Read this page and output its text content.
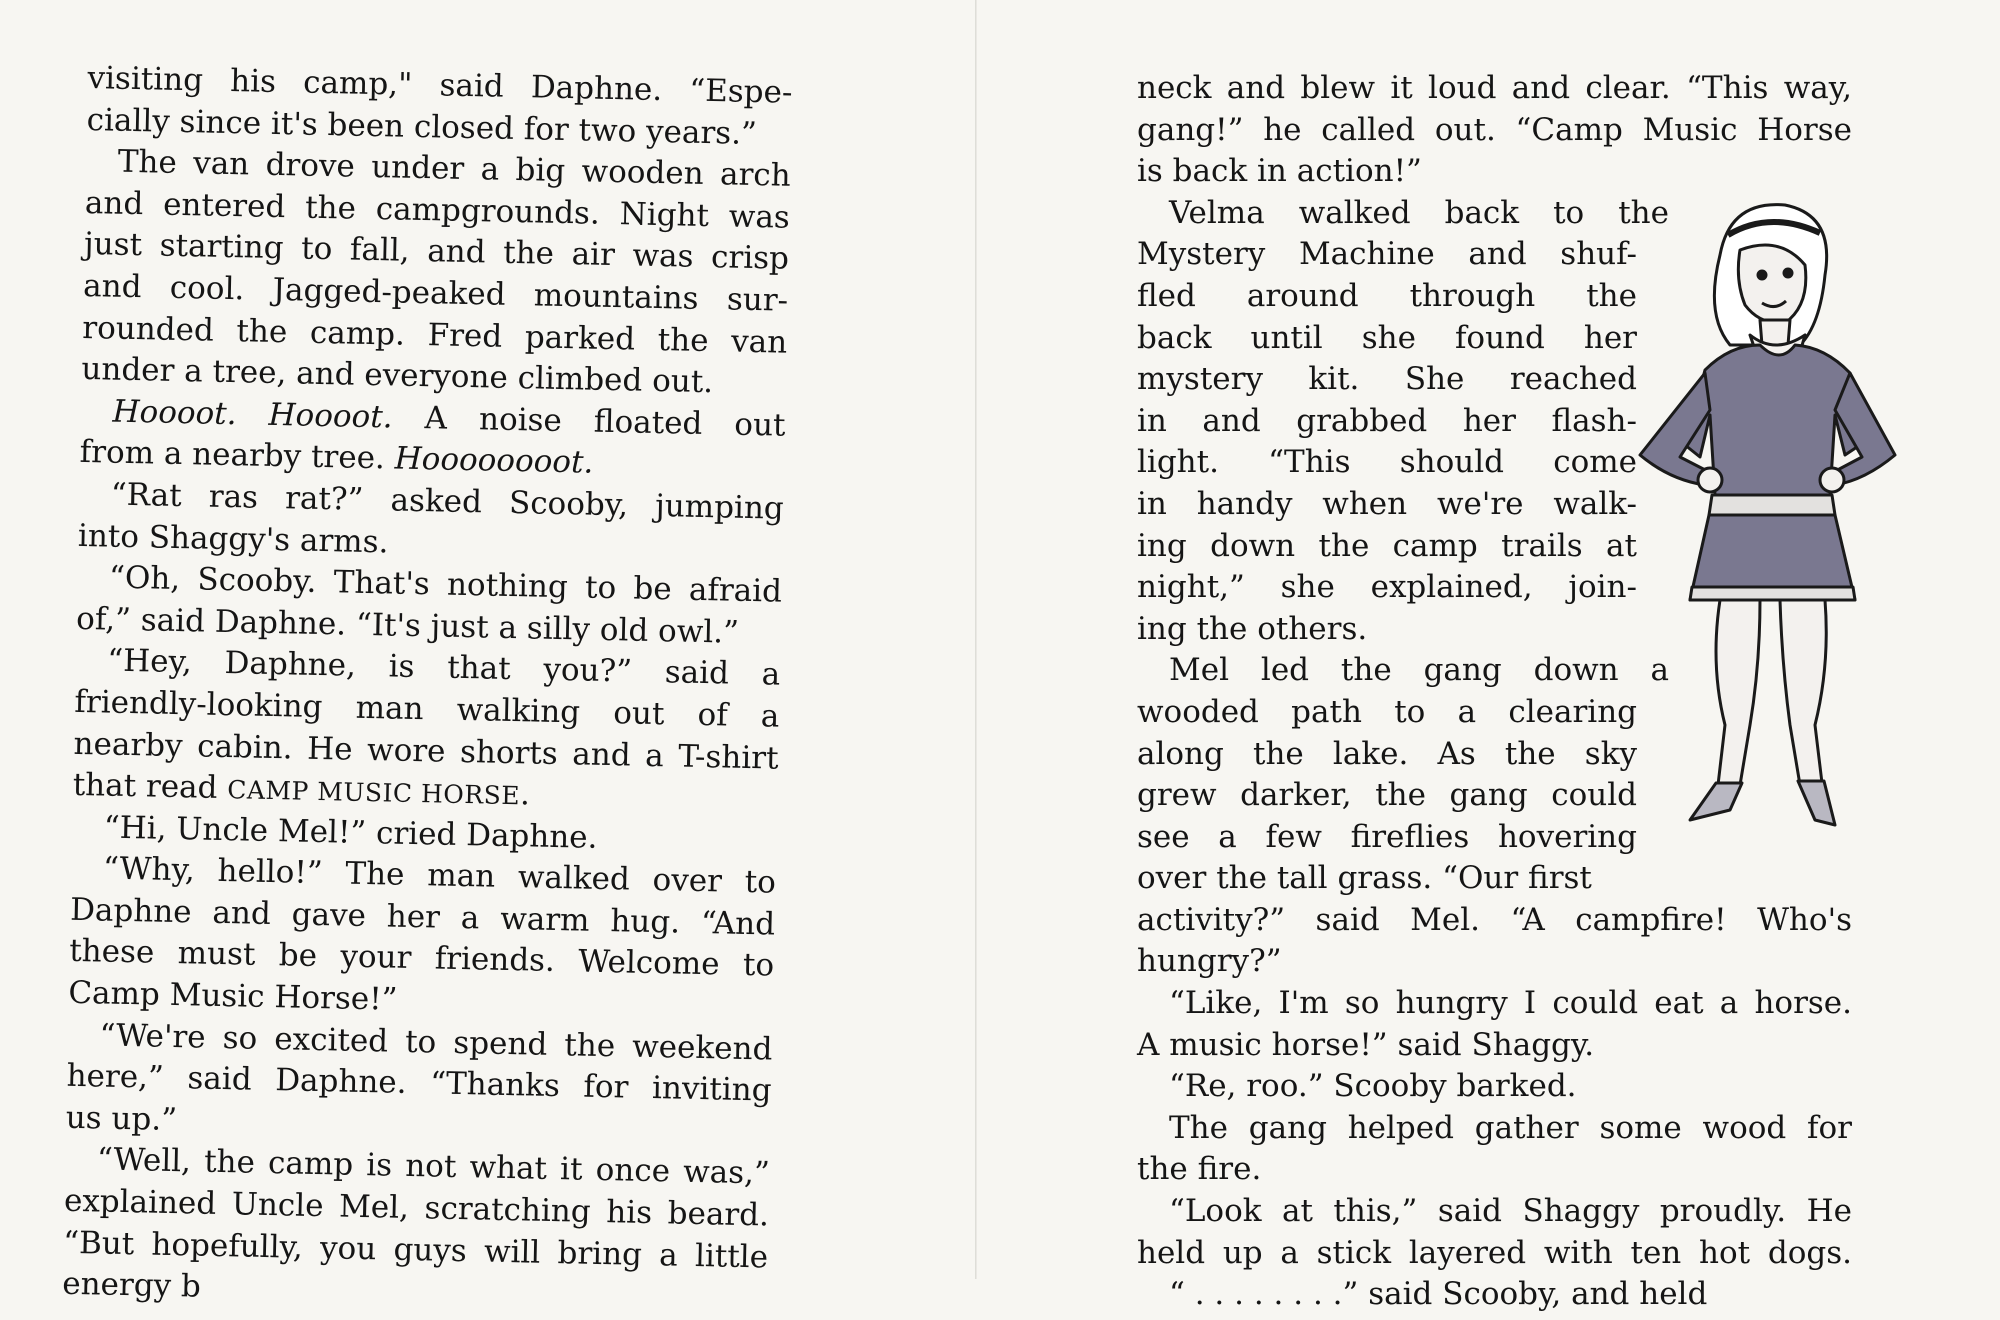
visiting his camp," said Daphne. “Espe-
cially since it's been closed for two years.”
The van drove under a big wooden arch
and entered the campgrounds. Night was
just starting to fall, and the air was crisp
and cool. Jagged-peaked mountains sur-
rounded the camp. Fred parked the van
under a tree, and everyone climbed out.
Hoooot. Hoooot. A noise floated out
from a nearby tree. Hoooooooot.
“Rat ras rat?” asked Scooby, jumping
into Shaggy's arms.
“Oh, Scooby. That's nothing to be afraid
of,” said Daphne. “It's just a silly old owl.”
“Hey, Daphne, is that you?” said a
friendly-looking man walking out of a
nearby cabin. He wore shorts and a T-shirt
that read CAMP MUSIC HORSE.
“Hi, Uncle Mel!” cried Daphne.
“Why, hello!” The man walked over to
Daphne and gave her a warm hug. “And
these must be your friends. Welcome to
Camp Music Horse!”
“We're so excited to spend the weekend
here,” said Daphne. “Thanks for inviting
us up.”
“Well, the camp is not what it once was,”
explained Uncle Mel, scratching his beard.
“But hopefully, you guys will bring a little
energy b
neck and blew it loud and clear. “This way,
gang!” he called out. “Camp Music Horse
is back in action!”
Velma walked back to the
Mystery Machine and shuf-
fled around through the
back until she found her
mystery kit. She reached
in and grabbed her flash-
light. “This should come
in handy when we're walk-
ing down the camp trails at
night,” she explained, join-
ing the others.
Mel led the gang down a
wooded path to a clearing
along the lake. As the sky
grew darker, the gang could
see a few fireflies hovering
over the tall grass. “Our first
activity?” said Mel. “A campfire! Who's
hungry?”
“Like, I'm so hungry I could eat a horse.
A music horse!” said Shaggy.
“Re, roo.” Scooby barked.
The gang helped gather some wood for
the fire.
“Look at this,” said Shaggy proudly. He
held up a stick layered with ten hot dogs.
“ . . . . . . . .” said Scooby, and held
